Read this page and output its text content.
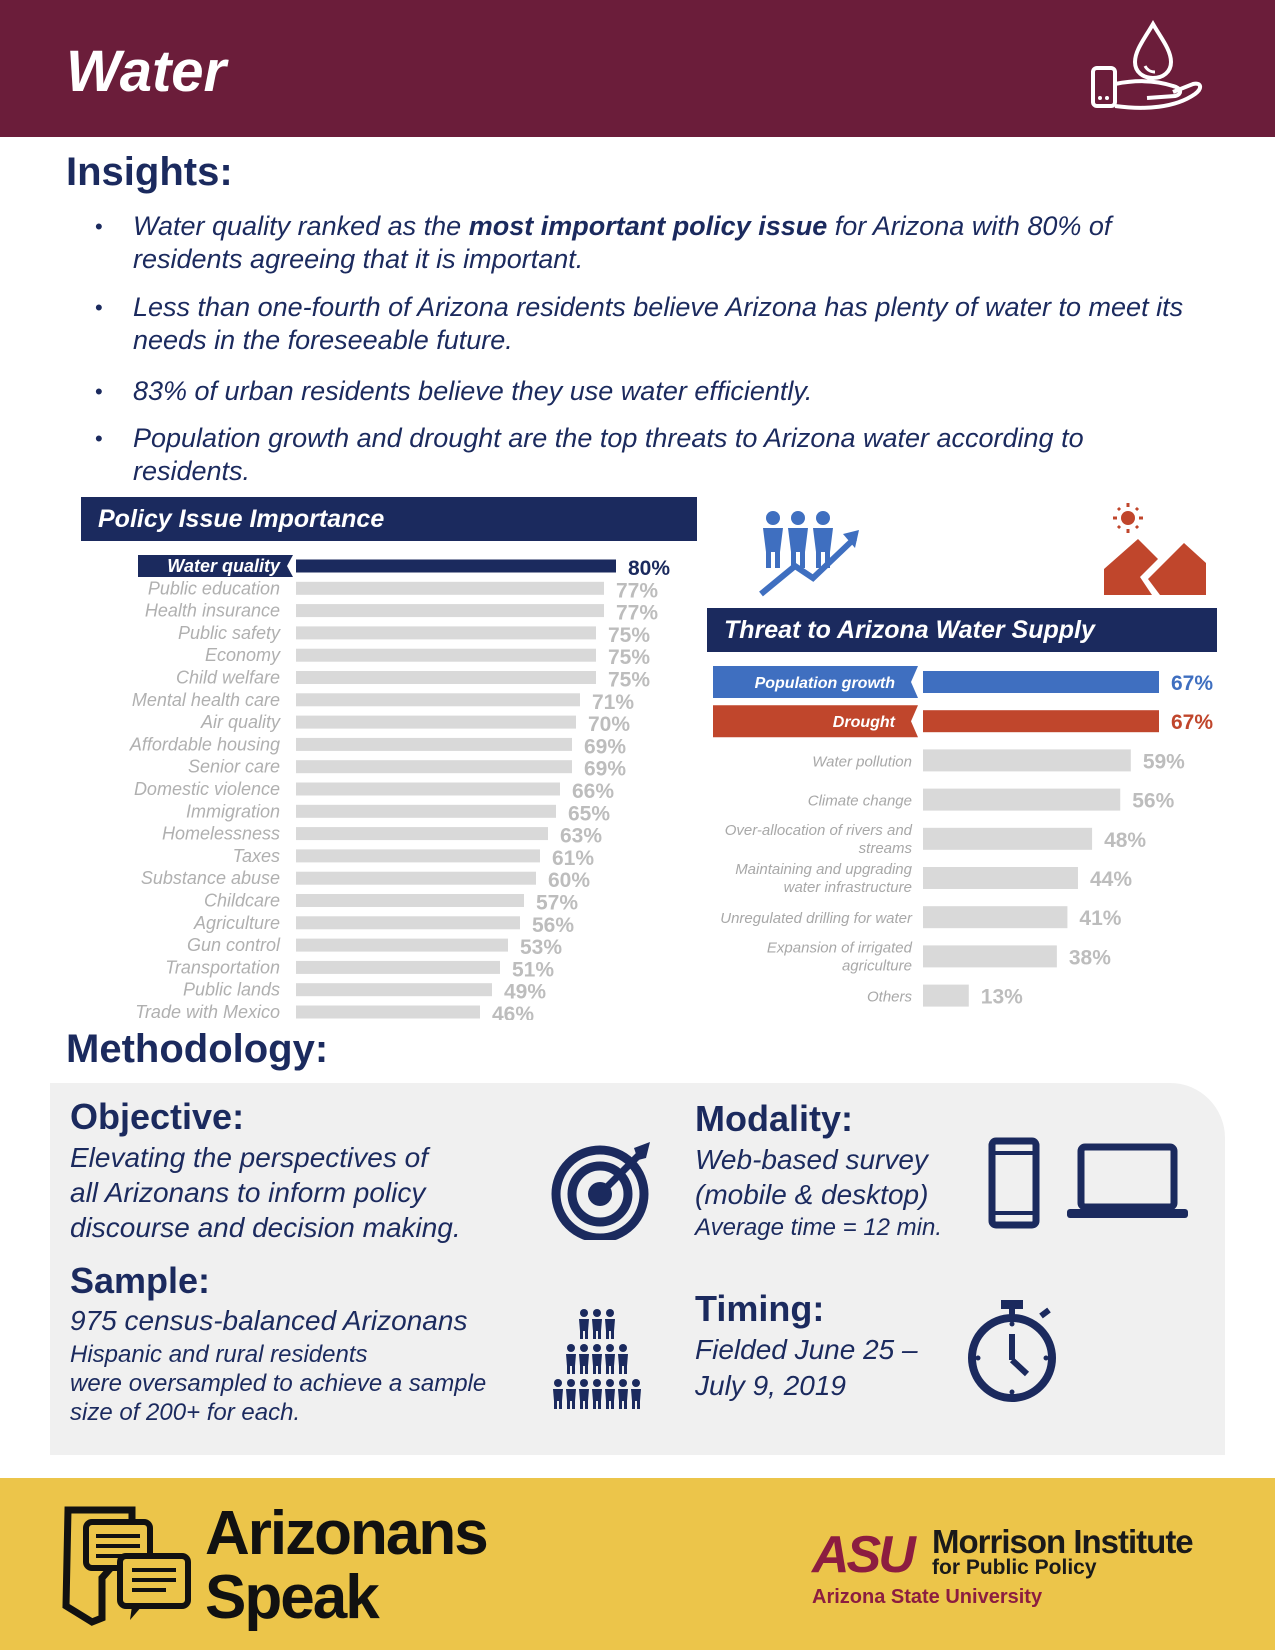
Water
Insights:
• Water quality ranked as the most important policy issue for Arizona with 80% of residents agreeing that it is important.
• Less than one-fourth of Arizona residents believe Arizona has plenty of water to meet its needs in the foreseeable future.
• 83% of urban residents believe they use water efficiently.
• Population growth and drought are the top threats to Arizona water according to residents.
Policy Issue Importance
Water quality	80%
Public education	77%
Health insurance	77%
Public safety	75%
Economy	75%
Child welfare	75%
Mental health care	71%
Air quality	70%
Affordable housing	69%
Senior care	69%
Domestic violence	66%
Immigration	65%
Homelessness	63%
Taxes	61%
Substance abuse	60%
Childcare	57%
Agriculture	56%
Gun control	53%
Transportation	51%
Public lands	49%
Trade with Mexico	46%
Threat to Arizona Water Supply
Population growth	67%
Drought	67%
Water pollution	59%
Climate change	56%
Over-allocation of rivers and streams	48%
Maintaining and upgrading water infrastructure	44%
Unregulated drilling for water	41%
Expansion of irrigated agriculture	38%
Others	13%
Methodology:
Objective:
Elevating the perspectives of
all Arizonans to inform policy
discourse and decision making.
Sample:
975 census-balanced Arizonans
Hispanic and rural residents
were oversampled to achieve a sample
size of 200+ for each.
Modality:
Web-based survey
(mobile & desktop)
Average time = 12 min.
Timing:
Fielded June 25 –
July 9, 2019
Arizonans
Speak
ASU Morrison Institute
for Public Policy
Arizona State University
